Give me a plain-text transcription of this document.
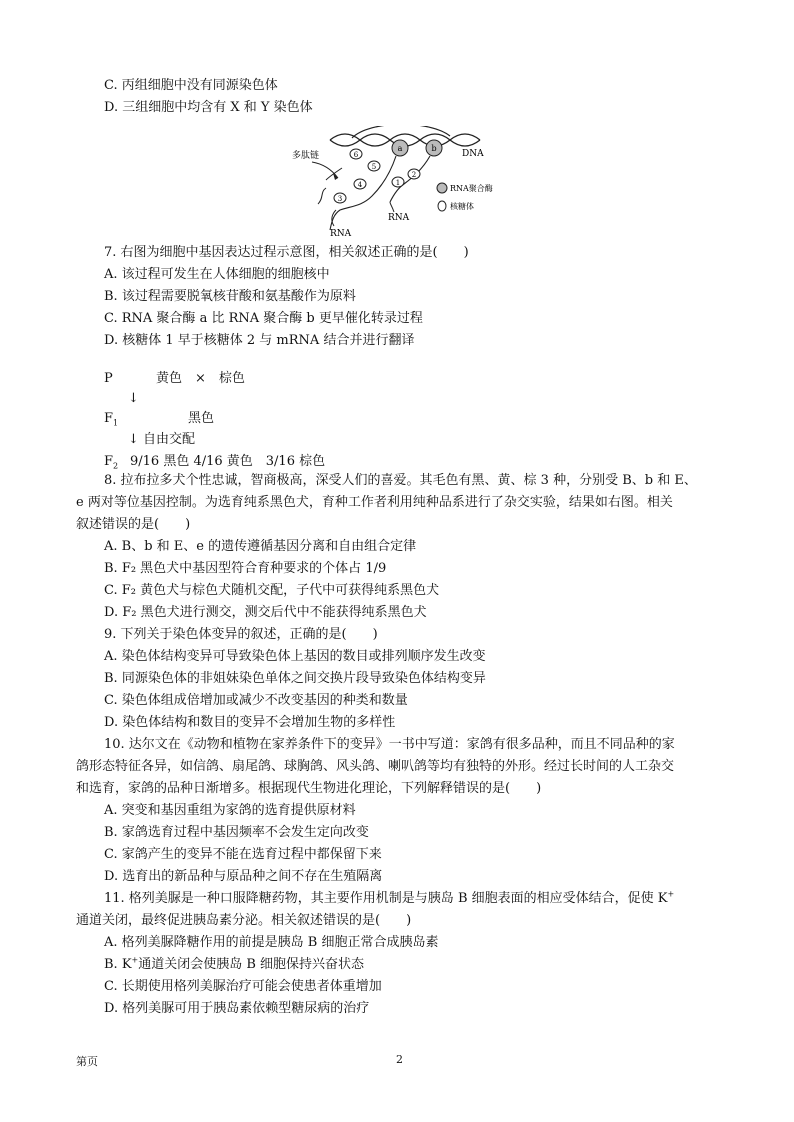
C. 丙组细胞中没有同源染色体
D. 三组细胞中均含有 X 和 Y 染色体
a	b
6
5
4
3
2
1
多肽链	DNA
RNA
RNA
RNA聚合酶
核糖体
7. 右图为细胞中基因表达过程示意图，相关叙述正确的是(　　)
A. 该过程可发生在人体细胞的细胞核中
B. 该过程需要脱氧核苷酸和氨基酸作为原料
C. RNA 聚合酶 a 比 RNA 聚合酶 b 更早催化转录过程
D. 核糖体 1 早于核糖体 2 与 mRNA 结合并进行翻译
P	黄色　×　棕色
↓
$F_1$	黑色
↓ 自由交配
$F_2$ 9/16 黑色 4/16 黄色　3/16 棕色
8. 拉布拉多犬个性忠诚，智商极高，深受人们的喜爱。其毛色有黑、黄、棕 3 种，分别受 B、b 和 E、
e 两对等位基因控制。为选育纯系黑色犬，育种工作者利用纯种品系进行了杂交实验，结果如右图。相关
叙述错误的是(　　)
A. B、b 和 E、e 的遗传遵循基因分离和自由组合定律
B. F₂ 黑色犬中基因型符合育种要求的个体占 1/9
C. F₂ 黄色犬与棕色犬随机交配，子代中可获得纯系黑色犬
D. F₂ 黑色犬进行测交，测交后代中不能获得纯系黑色犬
9. 下列关于染色体变异的叙述，正确的是(　　)
A. 染色体结构变异可导致染色体上基因的数目或排列顺序发生改变
B. 同源染色体的非姐妹染色单体之间交换片段导致染色体结构变异
C. 染色体组成倍增加或减少不改变基因的种类和数量
D. 染色体结构和数目的变异不会增加生物的多样性
10. 达尔文在《动物和植物在家养条件下的变异》一书中写道：家鸽有很多品种，而且不同品种的家
鸽形态特征各异，如信鸽、扇尾鸽、球胸鸽、风头鸽、喇叭鸽等均有独特的外形。经过长时间的人工杂交
和选育，家鸽的品种日渐增多。根据现代生物进化理论，下列解释错误的是(　　)
A. 突变和基因重组为家鸽的选育提供原材料
B. 家鸽选育过程中基因频率不会发生定向改变
C. 家鸽产生的变异不能在选育过程中都保留下来
D. 选育出的新品种与原品种之间不存在生殖隔离
11. 格列美脲是一种口服降糖药物，其主要作用机制是与胰岛 B 细胞表面的相应受体结合，促使 K+
通道关闭，最终促进胰岛素分泌。相关叙述错误的是(　　)
A. 格列美脲降糖作用的前提是胰岛 B 细胞正常合成胰岛素
B. K+通道关闭会使胰岛 B 细胞保持兴奋状态
C. 长期使用格列美脲治疗可能会使患者体重增加
D. 格列美脲可用于胰岛素依赖型糖尿病的治疗
第页	2
